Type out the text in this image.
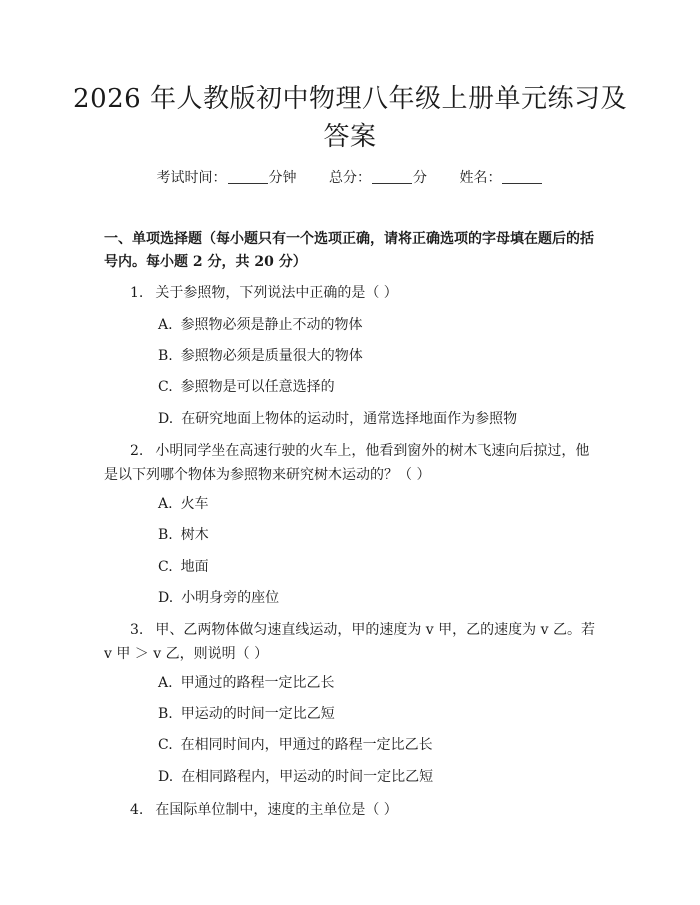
2026 年人教版初中物理八年级上册单元练习及答案
考试时间：	分钟 总分：	分 姓名：
一、单项选择题（每小题只有一个选项正确，请将正确选项的字母填在题后的括号内。每小题 2 分，共 20 分）
1. 关于参照物，下列说法中正确的是（ ）
A. 参照物必须是静止不动的物体
B. 参照物必须是质量很大的物体
C. 参照物是可以任意选择的
D. 在研究地面上物体的运动时，通常选择地面作为参照物
2. 小明同学坐在高速行驶的火车上，他看到窗外的树木飞速向后掠过，他是以下列哪个物体为参照物来研究树木运动的？（ ）
A. 火车
B. 树木
C. 地面
D. 小明身旁的座位
3. 甲、乙两物体做匀速直线运动，甲的速度为 v 甲，乙的速度为 v 乙。若 v 甲 ＞ v 乙，则说明（ ）
A. 甲通过的路程一定比乙长
B. 甲运动的时间一定比乙短
C. 在相同时间内，甲通过的路程一定比乙长
D. 在相同路程内，甲运动的时间一定比乙短
4. 在国际单位制中，速度的主单位是（ ）
